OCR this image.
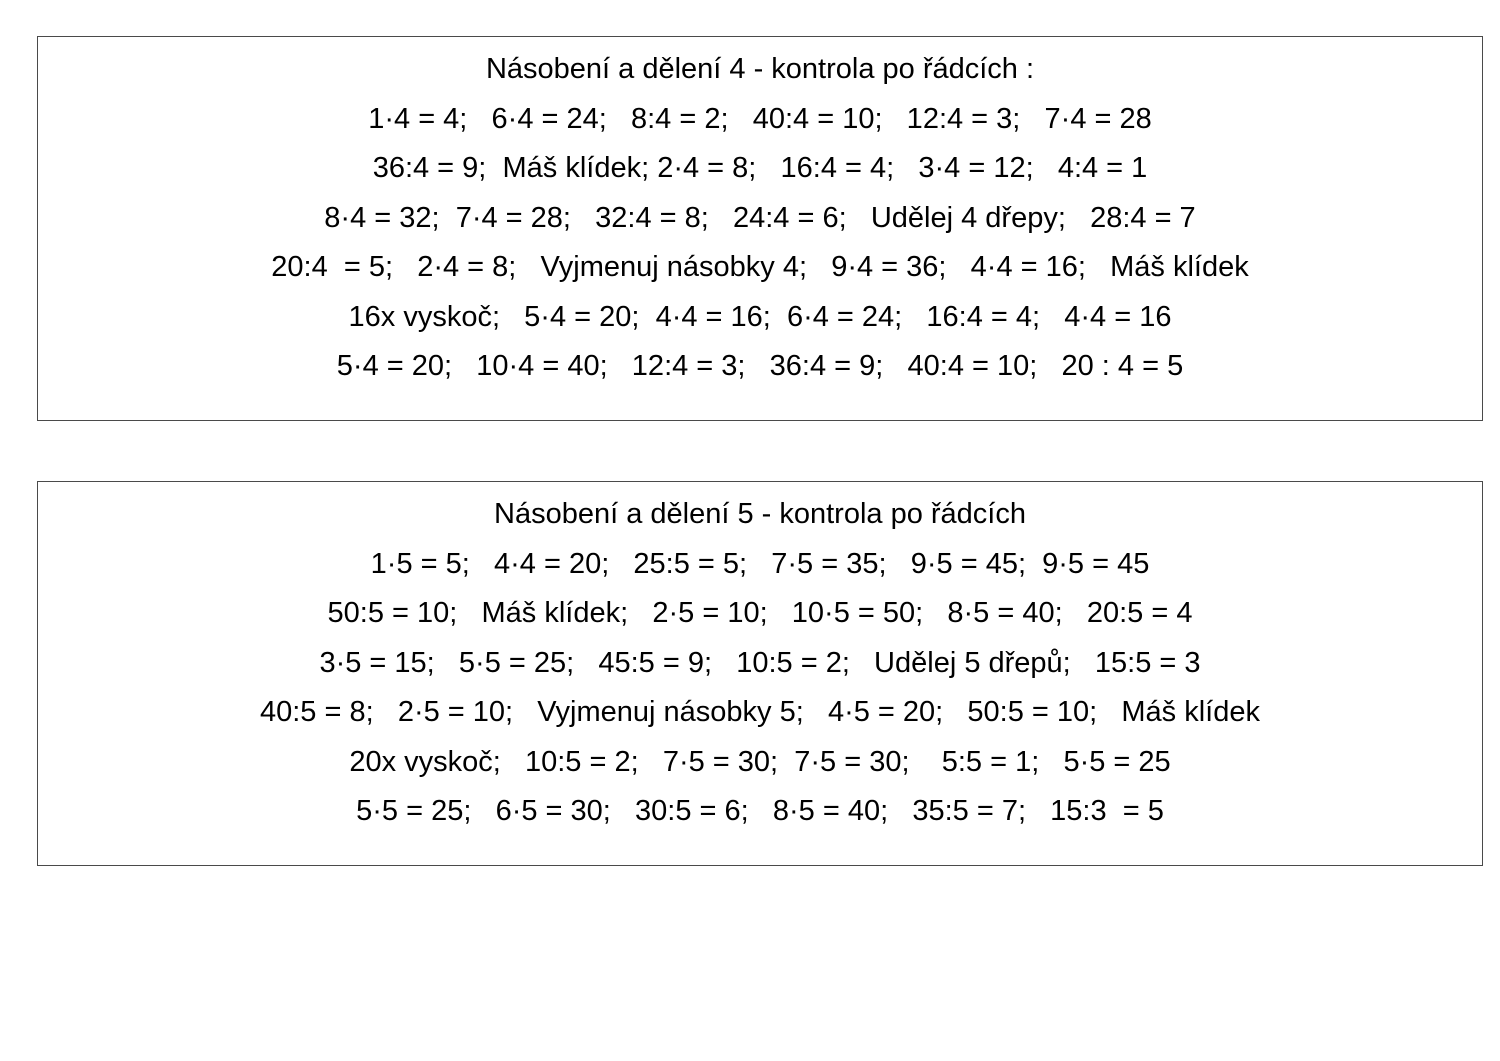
Násobení a dělení 4 - kontrola po řádcích :
1·4 = 4;   6·4 = 24;   8:4 = 2;   40:4 = 10;   12:4 = 3;   7·4 = 28
36:4 = 9;  Máš klídek; 2·4 = 8;   16:4 = 4;   3·4 = 12;   4:4 = 1
8·4 = 32;  7·4 = 28;   32:4 = 8;   24:4 = 6;   Udělej 4 dřepy;   28:4 = 7
20:4  = 5;   2·4 = 8;   Vyjmenuj násobky 4;   9·4 = 36;   4·4 = 16;   Máš klídek
16x vyskoč;   5·4 = 20;  4·4 = 16;  6·4 = 24;   16:4 = 4;   4·4 = 16
5·4 = 20;   10·4 = 40;   12:4 = 3;   36:4 = 9;   40:4 = 10;   20 : 4 = 5
Násobení a dělení 5 - kontrola po řádcích
1·5 = 5;   4·4 = 20;   25:5 = 5;   7·5 = 35;   9·5 = 45;  9·5 = 45
50:5 = 10;   Máš klídek;   2·5 = 10;   10·5 = 50;   8·5 = 40;   20:5 = 4
3·5 = 15;   5·5 = 25;   45:5 = 9;   10:5 = 2;   Udělej 5 dřepů;   15:5 = 3
40:5 = 8;   2·5 = 10;   Vyjmenuj násobky 5;   4·5 = 20;   50:5 = 10;   Máš klídek
20x vyskoč;   10:5 = 2;   7·5 = 30;  7·5 = 30;    5:5 = 1;   5·5 = 25
5·5 = 25;   6·5 = 30;   30:5 = 6;   8·5 = 40;   35:5 = 7;   15:3  = 5
